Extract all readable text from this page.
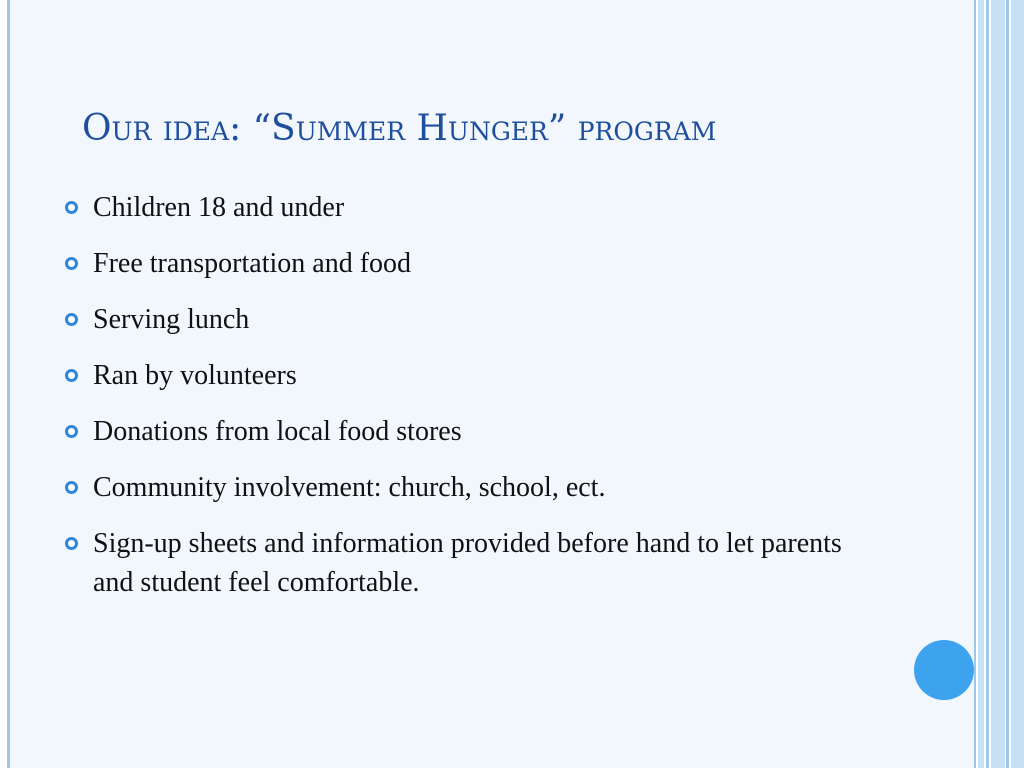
Our idea: “Summer Hunger” program
Children 18 and under
Free transportation and food
Serving lunch
Ran by volunteers
Donations from local food stores
Community involvement: church, school, ect.
Sign-up sheets and information provided before hand to let parents and student feel comfortable.
